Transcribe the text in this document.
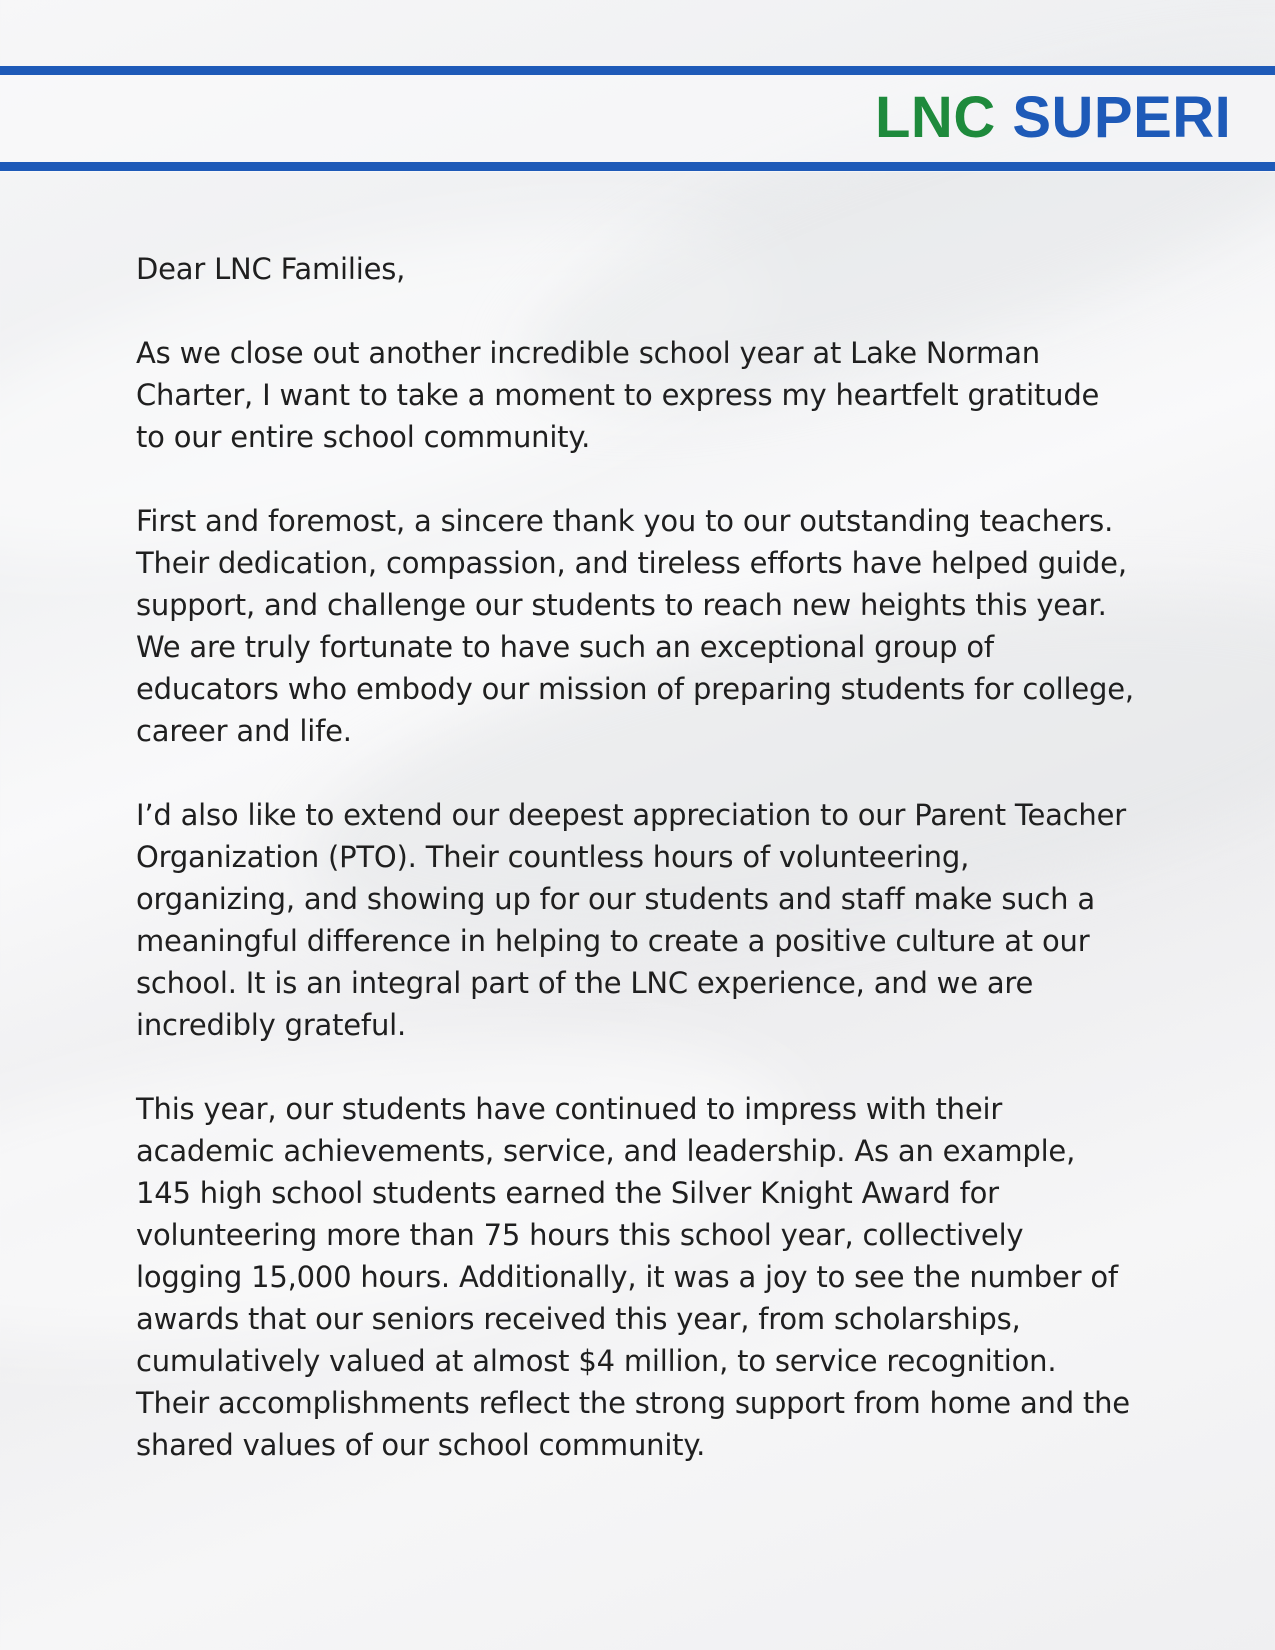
LNC SUPERI

Dear LNC Families,

As we close out another incredible school year at Lake Norman Charter, I want to take a moment to express my heartfelt gratitude to our entire school community.

First and foremost, a sincere thank you to our outstanding teachers. Their dedication, compassion, and tireless efforts have helped guide, support, and challenge our students to reach new heights this year. We are truly fortunate to have such an exceptional group of educators who embody our mission of preparing students for college, career and life.

I’d also like to extend our deepest appreciation to our Parent Teacher Organization (PTO). Their countless hours of volunteering, organizing, and showing up for our students and staff make such a meaningful difference in helping to create a positive culture at our school. It is an integral part of the LNC experience, and we are incredibly grateful.

This year, our students have continued to impress with their academic achievements, service, and leadership. As an example, 145 high school students earned the Silver Knight Award for volunteering more than 75 hours this school year, collectively logging 15,000 hours. Additionally, it was a joy to see the number of awards that our seniors received this year, from scholarships, cumulatively valued at almost $4 million, to service recognition. Their accomplishments reflect the strong support from home and the shared values of our school community.
